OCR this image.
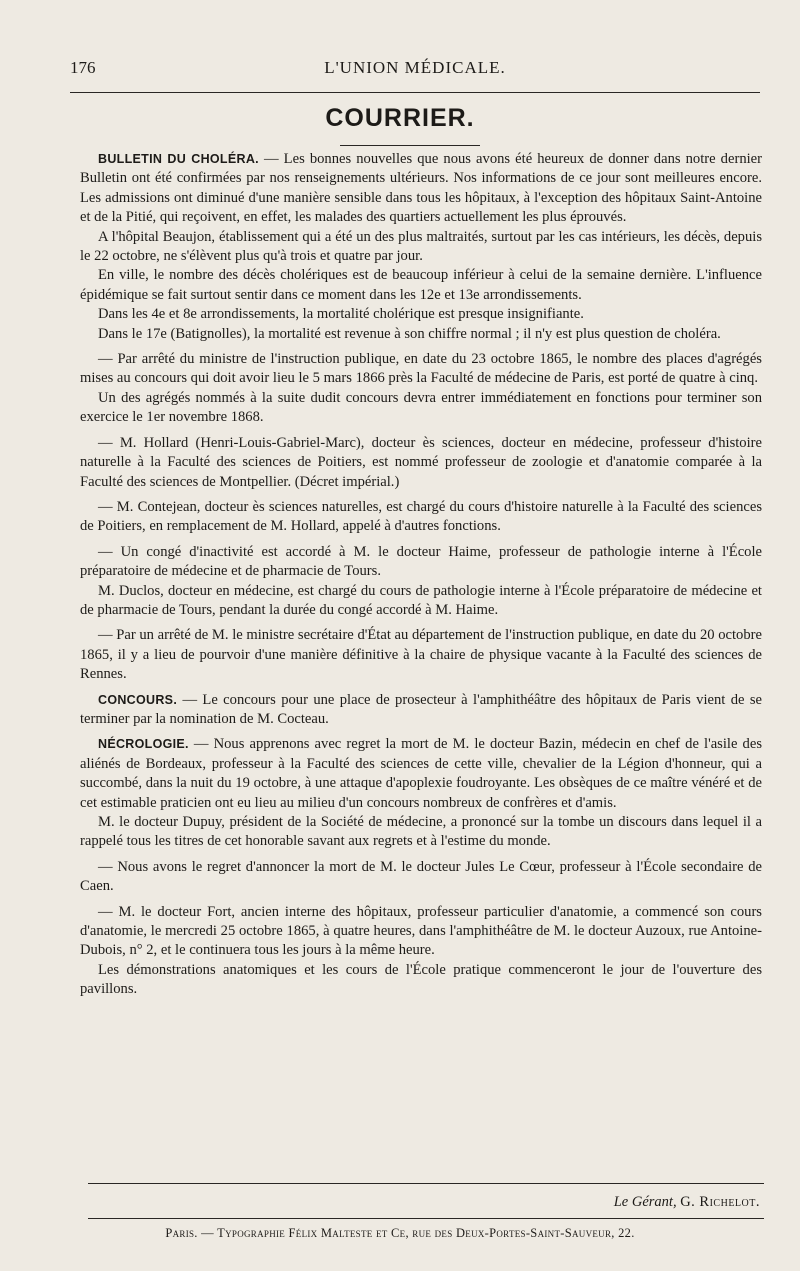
176	L'UNION MÉDICALE.
COURRIER.

BULLETIN DU CHOLÉRA. — Les bonnes nouvelles que nous avons été heureux de donner dans notre dernier Bulletin ont été confirmées par nos renseignements ultérieurs. Nos informations de ce jour sont meilleures encore. Les admissions ont diminué d'une manière sensible dans tous les hôpitaux, à l'exception des hôpitaux Saint-Antoine et de la Pitié, qui reçoivent, en effet, les malades des quartiers actuellement les plus éprouvés.

A l'hôpital Beaujon, établissement qui a été un des plus maltraités, surtout par les cas intérieurs, les décès, depuis le 22 octobre, ne s'élèvent plus qu'à trois et quatre par jour.

En ville, le nombre des décès cholériques est de beaucoup inférieur à celui de la semaine dernière. L'influence épidémique se fait surtout sentir dans ce moment dans les 12e et 13e arrondissements.

Dans les 4e et 8e arrondissements, la mortalité cholérique est presque insignifiante.

Dans le 17e (Batignolles), la mortalité est revenue à son chiffre normal ; il n'y est plus question de choléra.

— Par arrêté du ministre de l'instruction publique, en date du 23 octobre 1865, le nombre des places d'agrégés mises au concours qui doit avoir lieu le 5 mars 1866 près la Faculté de médecine de Paris, est porté de quatre à cinq.

Un des agrégés nommés à la suite dudit concours devra entrer immédiatement en fonctions pour terminer son exercice le 1er novembre 1868.

— M. Hollard (Henri-Louis-Gabriel-Marc), docteur ès sciences, docteur en médecine, professeur d'histoire naturelle à la Faculté des sciences de Poitiers, est nommé professeur de zoologie et d'anatomie comparée à la Faculté des sciences de Montpellier. (Décret impérial.)

— M. Contejean, docteur ès sciences naturelles, est chargé du cours d'histoire naturelle à la Faculté des sciences de Poitiers, en remplacement de M. Hollard, appelé à d'autres fonctions.

— Un congé d'inactivité est accordé à M. le docteur Haime, professeur de pathologie interne à l'École préparatoire de médecine et de pharmacie de Tours.

M. Duclos, docteur en médecine, est chargé du cours de pathologie interne à l'École préparatoire de médecine et de pharmacie de Tours, pendant la durée du congé accordé à M. Haime.

— Par un arrêté de M. le ministre secrétaire d'État au département de l'instruction publique, en date du 20 octobre 1865, il y a lieu de pourvoir d'une manière définitive à la chaire de physique vacante à la Faculté des sciences de Rennes.

CONCOURS. — Le concours pour une place de prosecteur à l'amphithéâtre des hôpitaux de Paris vient de se terminer par la nomination de M. Cocteau.

NÉCROLOGIE. — Nous apprenons avec regret la mort de M. le docteur Bazin, médecin en chef de l'asile des aliénés de Bordeaux, professeur à la Faculté des sciences de cette ville, chevalier de la Légion d'honneur, qui a succombé, dans la nuit du 19 octobre, à une attaque d'apoplexie foudroyante. Les obsèques de ce maître vénéré et de cet estimable praticien ont eu lieu au milieu d'un concours nombreux de confrères et d'amis.

M. le docteur Dupuy, président de la Société de médecine, a prononcé sur la tombe un discours dans lequel il a rappelé tous les titres de cet honorable savant aux regrets et à l'estime du monde.

— Nous avons le regret d'annoncer la mort de M. le docteur Jules Le Cœur, professeur à l'École secondaire de Caen.

— M. le docteur Fort, ancien interne des hôpitaux, professeur particulier d'anatomie, a commencé son cours d'anatomie, le mercredi 25 octobre 1865, à quatre heures, dans l'amphithéâtre de M. le docteur Auzoux, rue Antoine-Dubois, n° 2, et le continuera tous les jours à la même heure.

Les démonstrations anatomiques et les cours de l'École pratique commenceront le jour de l'ouverture des pavillons.

Le Gérant, G. Richelot.
Paris. — Typographie Félix Malteste et Ce, rue des Deux-Portes-Saint-Sauveur, 22.
